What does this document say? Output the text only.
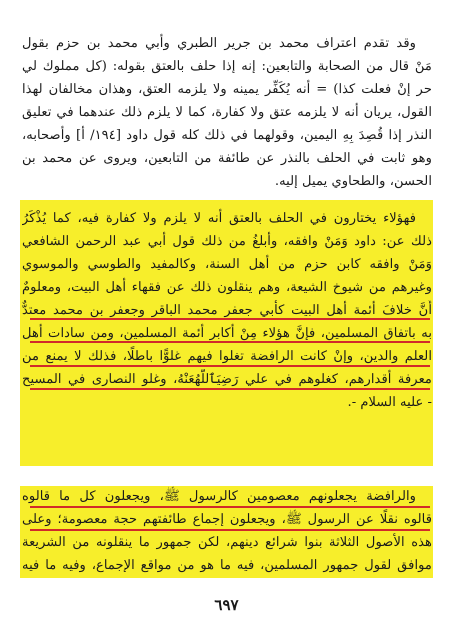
وقد تقدم اعتراف محمد بن جرير الطبري وأبي محمد بن حزم بقول
مَنْ قال من الصحابة والتابعين: إنه إذا حلف بالعتق بقوله: (كل مملوك لي
حر إنْ فعلت كذا) = أنه يُكَفِّر يمينه ولا يلزمه العتق، وهذان مخالفان لهذا
القول، يريان أنه لا يلزمه عتق ولا كفارة، كما لا يلزم ذلك عندهما في تعليق
النذر إذا قُصِدَ بِهِ اليمين، وقولهما في ذلك كله قول داود [١٩٤/ أ] وأصحابه،
وهو ثابت في الحلف بالنذر عن طائفة من التابعين، ويروى عن محمد بن
الحسن، والطحاوي يميل إليه.
فهؤلاء يختارون في الحلف بالعتق أنه لا يلزم ولا كفارة فيه، كما يُذْكَرُ
ذلك عن: داود وَمَنْ وافقه، وأبلغُ من ذلك قول أبي عبد الرحمن الشافعي
وَمَنْ وافقه كابن حزم من أهل السنة، وكالمفيد والطوسي والموسوي
وغيرهم من شيوخ الشيعة، وهم ينقلون ذلك عن فقهاء أهل البيت، ومعلومٌ
أَنَّ خلافَ أئمة أهل البيت كأبي جعفر محمد الباقر وجعفر بن محمد معتدٌّ
به باتفاق المسلمين، فإنَّ هؤلاء مِنْ أكابر أئمة المسلمين، ومن سادات أهل
العلم والدين، وإنْ كانت الرافضة تغلوا فيهم غلوًّا باطلًا، فذلك لا يمنع من
معرفة أقدارهم، كغلوهم في علي رَضِيَٱللَّهُعَنْهُ، وغلو النصارى في المسيح
- عليه السلام -.
والرافضة يجعلونهم معصومين كالرسول ﷺ، ويجعلون كل ما قالوه
قالوه نقلًا عن الرسول ﷺ، ويجعلون إجماع طائفتهم حجة معصومة؛ وعلى
هذه الأصول الثلاثة بنوا شرائع دينهم، لكن جمهور ما ينقلونه من الشريعة
موافق لقول جمهور المسلمين، فيه ما هو من مواقع الإجماع، وفيه ما فيه
٦٩٧
